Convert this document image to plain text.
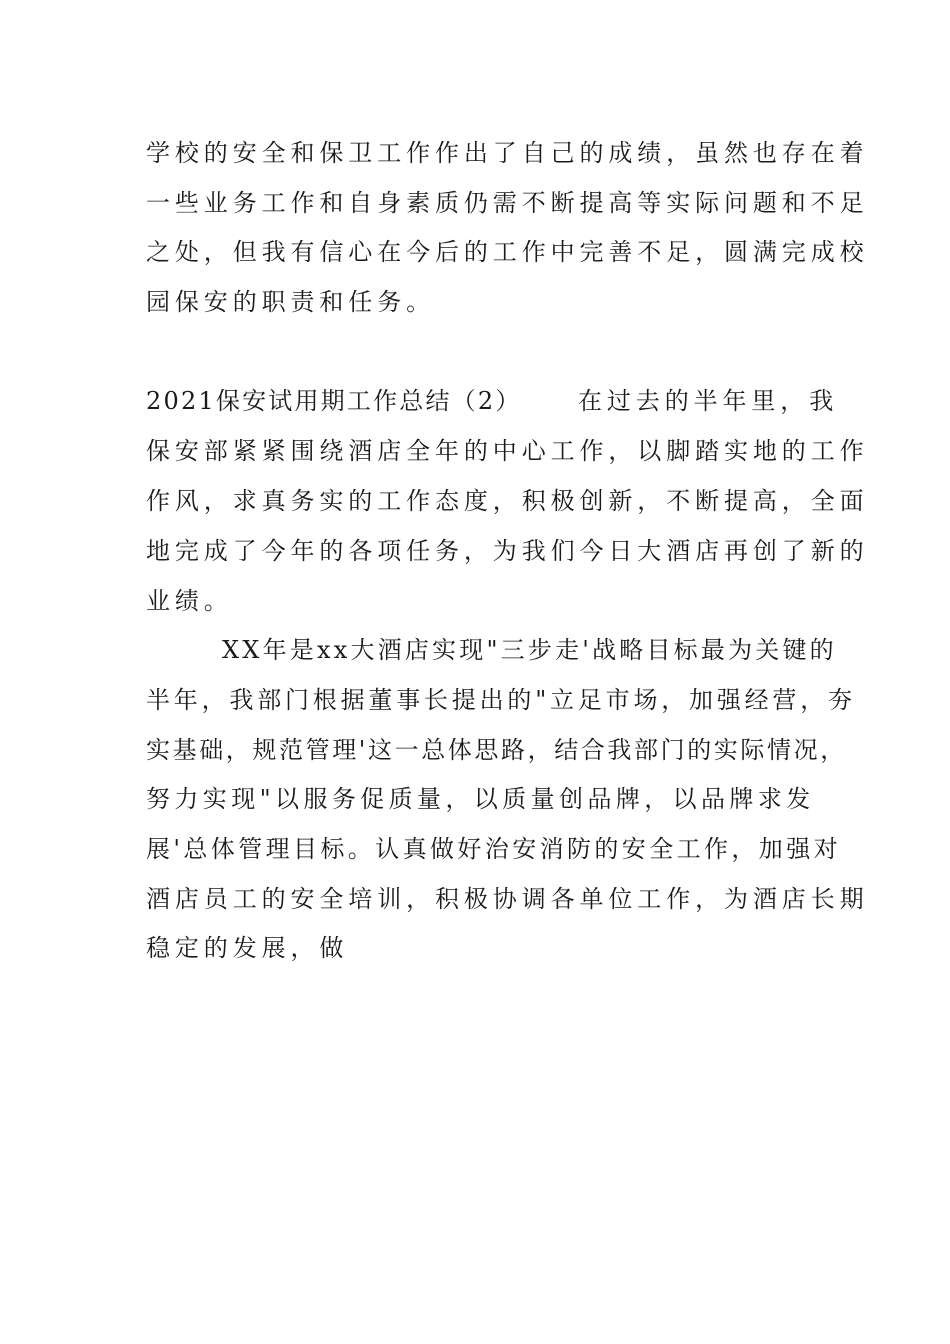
学校的安全和保卫工作作出了自己的成绩，虽然也存在着
一些业务工作和自身素质仍需不断提高等实际问题和不足
之处，但我有信心在今后的工作中完善不足，圆满完成校
园保安的职责和任务。
2021保安试用期工作总结（2） 在过去的半年里，我
保安部紧紧围绕酒店全年的中心工作，以脚踏实地的工作
作风，求真务实的工作态度，积极创新，不断提高，全面
地完成了今年的各项任务，为我们今日大酒店再创了新的
业绩。
XX年是xx大酒店实现"三步走'战略目标最为关键的
半年，我部门根据董事长提出的"立足市场，加强经营，夯
实基础，规范管理'这一总体思路，结合我部门的实际情况，
努力实现"以服务促质量，以质量创品牌，以品牌求发
展'总体管理目标。认真做好治安消防的安全工作，加强对
酒店员工的安全培训，积极协调各单位工作，为酒店长期
稳定的发展，做
